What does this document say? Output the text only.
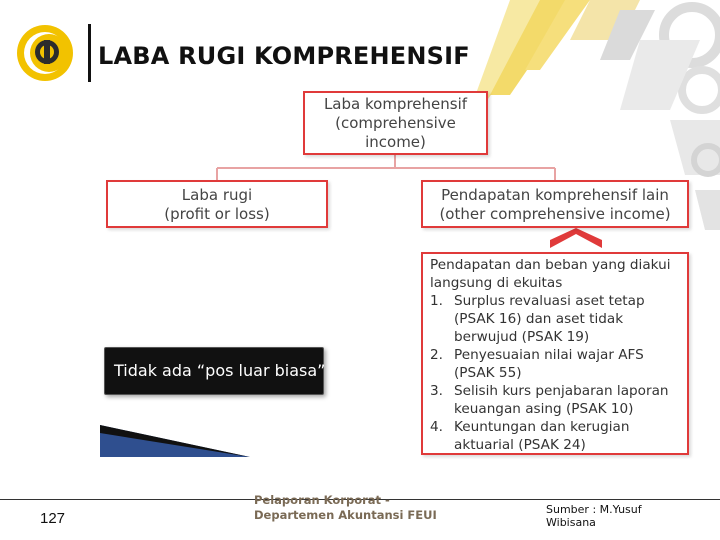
LABA RUGI KOMPREHENSIF
Laba komprehensif
(comprehensive
income)
Laba rugi
(profit or loss)
Pendapatan komprehensif lain
(other comprehensive income)
Pendapatan dan beban yang diakui langsung di ekuitas
1. Surplus revaluasi aset tetap (PSAK 16) dan aset tidak berwujud (PSAK 19)
2. Penyesuaian nilai wajar AFS (PSAK 55)
3. Selisih kurs penjabaran laporan keuangan asing (PSAK 10)
4. Keuntungan dan kerugian aktuarial (PSAK 24)
Tidak ada “pos luar biasa”
127
Pelaporan Korporat - Departemen Akuntansi FEUI	Sumber : M.Yusuf Wibisana
